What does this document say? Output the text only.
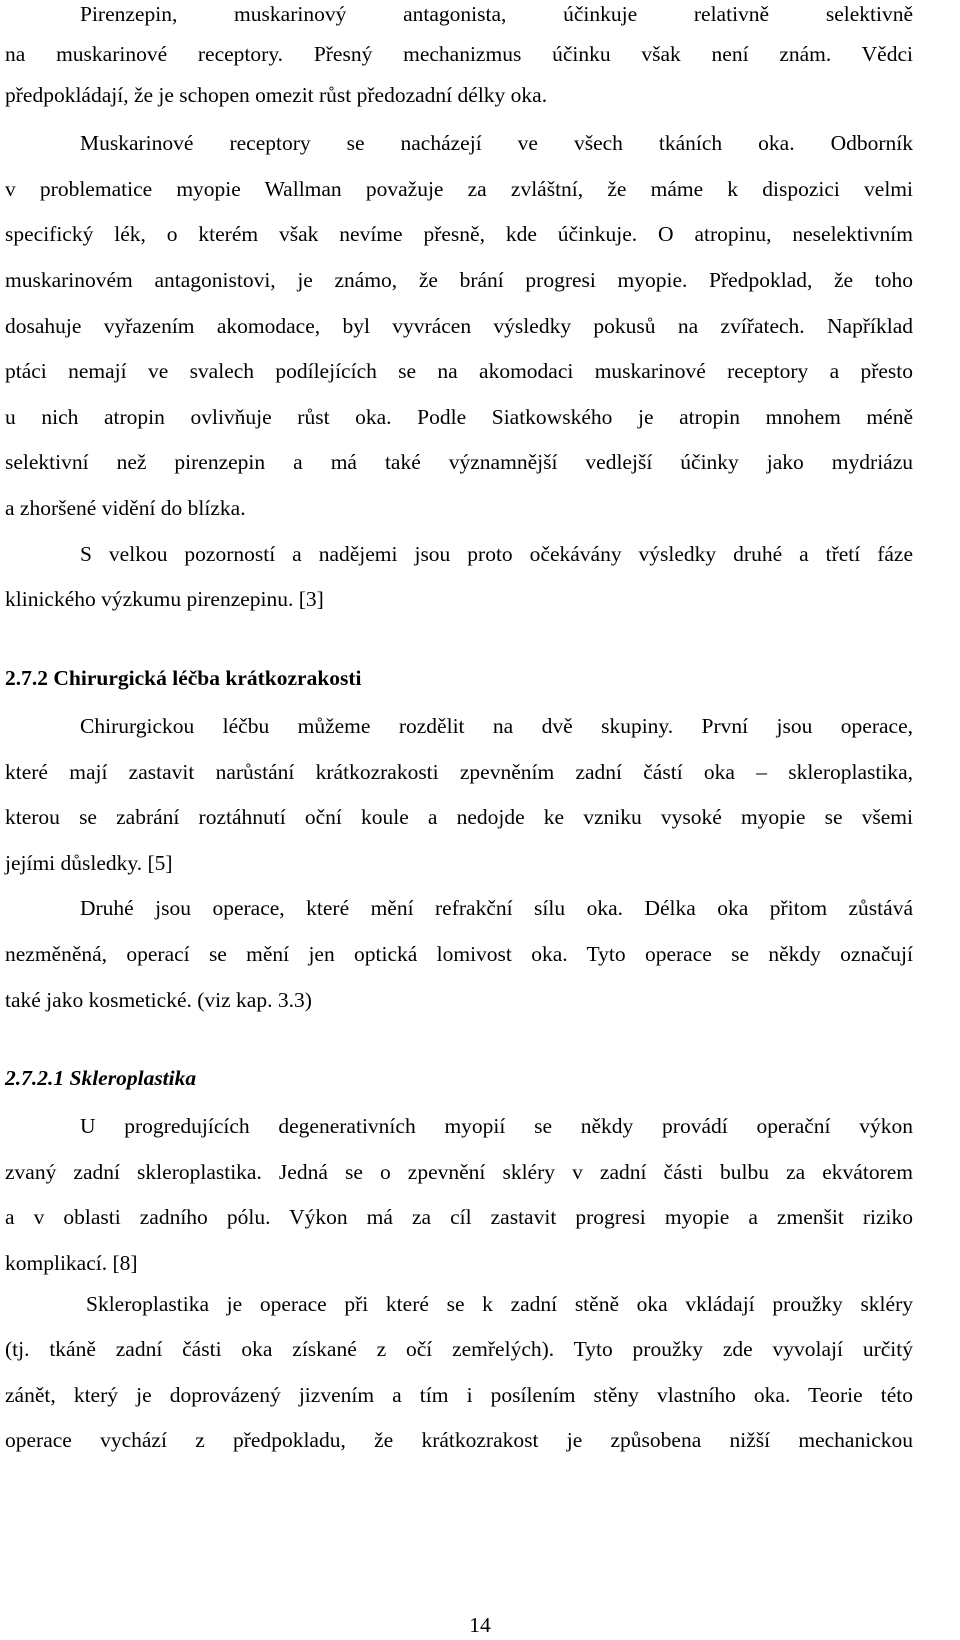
Pirenzepin, muskarinový antagonista, účinkuje relativně selektivně
na muskarinové receptory. Přesný mechanizmus účinku však není znám. Vědci
předpokládají, že je schopen omezit růst předozadní délky oka.
Muskarinové receptory se nacházejí ve všech tkáních oka. Odborník
v problematice myopie Wallman považuje za zvláštní, že máme k dispozici velmi
specifický lék, o kterém však nevíme přesně, kde účinkuje. O atropinu, neselektivním
muskarinovém antagonistovi, je známo, že brání progresi myopie. Předpoklad, že toho
dosahuje vyřazením akomodace, byl vyvrácen výsledky pokusů na zvířatech. Například
ptáci nemají ve svalech podílejících se na akomodaci muskarinové receptory a přesto
u nich atropin ovlivňuje růst oka. Podle Siatkowského je atropin mnohem méně
selektivní než pirenzepin a má také významnější vedlejší účinky jako mydriázu
a zhoršené vidění do blízka.
S velkou pozorností a nadějemi jsou proto očekávány výsledky druhé a třetí fáze
klinického výzkumu pirenzepinu. [3]
2.7.2 Chirurgická léčba krátkozrakosti
Chirurgickou léčbu můžeme rozdělit na dvě skupiny. První jsou operace,
které mají zastavit narůstání krátkozrakosti zpevněním zadní částí oka – skleroplastika,
kterou se zabrání roztáhnutí oční koule a nedojde ke vzniku vysoké myopie se všemi
jejími důsledky. [5]
Druhé jsou operace, které mění refrakční sílu oka. Délka oka přitom zůstává
nezměněná, operací se mění jen optická lomivost oka. Tyto operace se někdy označují
také jako kosmetické. (viz kap. 3.3)
2.7.2.1 Skleroplastika
U progredujících degenerativních myopií se někdy provádí operační výkon
zvaný zadní skleroplastika. Jedná se o zpevnění skléry v zadní části bulbu za ekvátorem
a v oblasti zadního pólu. Výkon má za cíl zastavit progresi myopie a zmenšit riziko
komplikací. [8]
Skleroplastika je operace při které se k zadní stěně oka vkládají proužky skléry
(tj. tkáně zadní části oka získané z očí zemřelých). Tyto proužky zde vyvolají určitý
zánět, který je doprovázený jizvením a tím i posílením stěny vlastního oka. Teorie této
operace vychází z předpokladu, že krátkozrakost je způsobena nižší mechanickou
14
